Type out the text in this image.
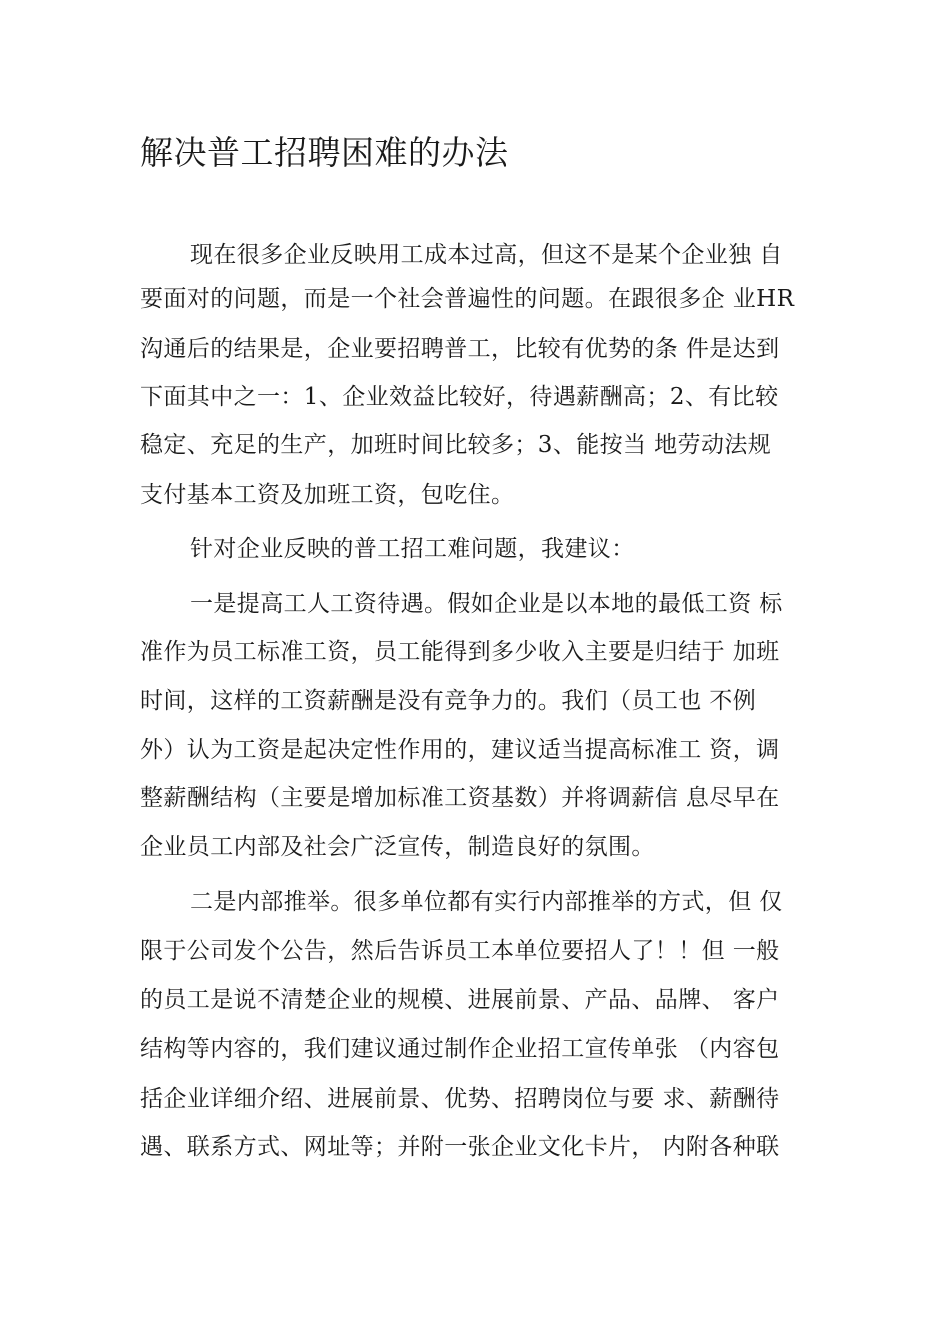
解决普工招聘困难的办法
现在很多企业反映用工成本过高，但这不是某个企业独 自
要面对的问题，而是一个社会普遍性的问题。在跟很多企 业HR
沟通后的结果是，企业要招聘普工，比较有优势的条 件是达到
下面其中之一：1、企业效益比较好，待遇薪酬高；2、有比较
稳定、充足的生产，加班时间比较多；3、能按当 地劳动法规
支付基本工资及加班工资，包吃住。
针对企业反映的普工招工难问题，我建议：
一是提高工人工资待遇。假如企业是以本地的最低工资 标
准作为员工标准工资，员工能得到多少收入主要是归结于 加班
时间，这样的工资薪酬是没有竞争力的。我们（员工也 不例
外）认为工资是起决定性作用的，建议适当提高标准工 资，调
整薪酬结构（主要是增加标准工资基数）并将调薪信 息尽早在
企业员工内部及社会广泛宣传，制造良好的氛围。
二是内部推举。很多单位都有实行内部推举的方式，但 仅
限于公司发个公告，然后告诉员工本单位要招人了！！但 一般
的员工是说不清楚企业的规模、进展前景、产品、品牌、 客户
结构等内容的，我们建议通过制作企业招工宣传单张 （内容包
括企业详细介绍、进展前景、优势、招聘岗位与要 求、薪酬待
遇、联系方式、网址等；并附一张企业文化卡片， 内附各种联
